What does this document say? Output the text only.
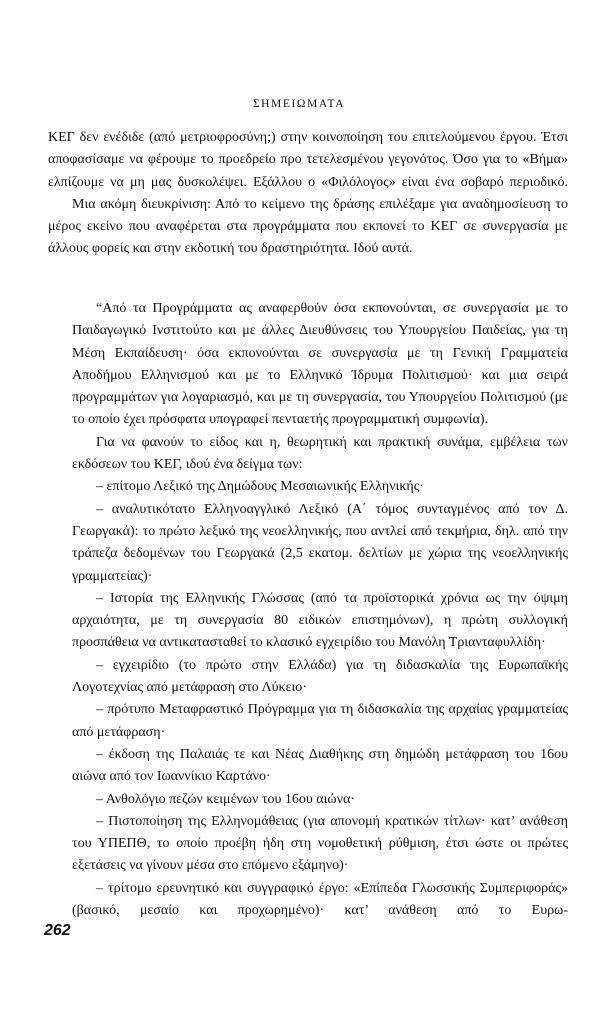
ΣΗΜΕΙΩΜΑΤΑ

ΚΕΓ δεν ενέδιδε (από μετριοφροσύνη;) στην κοινοποίηση του επιτελούμενου έργου. Έτσι αποφασίσαμε να φέρουμε το προεδρείο προ τετελεσμένου γεγονότος. Όσο για το «Βήμα» ελπίζουμε να μη μας δυσκολέψει. Εξάλλου ο «Φιλόλογος» είναι ένα σοβαρό περιοδικό.

Μια ακόμη διευκρίνιση: Από το κείμενο της δράσης επιλέξαμε για αναδημοσίευση το μέρος εκείνο που αναφέρεται στα προγράμματα που εκπονεί το ΚΕΓ σε συνεργασία με άλλους φορείς και στην εκδοτική του δραστηριότητα. Ιδού αυτά.

“Από τα Προγράμματα ας αναφερθούν όσα εκπονούνται, σε συνεργασία με το Παιδαγωγικό Ινστιτούτο και με άλλες Διευθύνσεις του Υπουργείου Παιδείας, για τη Μέση Εκπαίδευση· όσα εκπονούνται σε συνεργασία με τη Γενική Γραμματεία Αποδήμου Ελληνισμού και με το Ελληνικό Ίδρυμα Πολιτισμού· και μια σειρά προγραμμάτων για λογαριασμό, και με τη συνεργασία, του Υπουργείου Πολιτισμού (με το οποίο έχει πρόσφατα υπογραφεί πενταετής προγραμματική συμφωνία).

Για να φανούν το είδος και η, θεωρητική και πρακτική συνάμα, εμβέλεια των εκδόσεων του ΚΕΓ, ιδού ένα δείγμα των:

– επίτομο Λεξικό της Δημώδους Μεσαιωνικής Ελληνικής·

– αναλυτικότατο Ελληνοαγγλικό Λεξικό (Α΄ τόμος συνταγμένος από τον Δ. Γεωργακά): το πρώτο λεξικό της νεοελληνικής, που αντλεί από τεκμήρια, δηλ. από την τράπεζα δεδομένων του Γεωργακά (2,5 εκατομ. δελτίων με χώρια της νεοελληνικής γραμματείας)·

– Ιστορία της Ελληνικής Γλώσσας (από τα προϊστορικά χρόνια ως την όψιμη αρχαιότητα, με τη συνεργασία 80 ειδικών επιστημόνων), η πρώτη συλλογική προσπάθεια να αντικατασταθεί το κλασικό εγχειρίδιο του Μανόλη Τριανταφυλλίδη·

– εγχειρίδιο (το πρώτο στην Ελλάδα) για τη διδασκαλία της Ευρωπαϊκής Λογοτεχνίας από μετάφραση στο Λύκειο·

– πρότυπο Μεταφραστικό Πρόγραμμα για τη διδασκαλία της αρχαίας γραμματείας από μετάφραση·

– έκδοση της Παλαιάς τε και Νέας Διαθήκης στη δημώδη μετάφραση του 16ου αιώνα από τον Ιωαννίκιο Καρτάνο·

– Ανθολόγιο πεζών κειμένων του 16ου αιώνα·

– Πιστοποίηση της Ελληνομάθειας (για απονομή κρατικών τίτλων· κατ’ ανάθεση του ΥΠΕΠΘ, το οποίο προέβη ήδη στη νομοθετική ρύθμιση, έτσι ώστε οι πρώτες εξετάσεις να γίνουν μέσα στο επόμενο εξάμηνο)·

– τρίτομο ερευνητικό και συγγραφικό έργο: «Επίπεδα Γλωσσικής Συμπεριφοράς» (βασικό, μεσαίο και προχωρημένο)· κατ’ ανάθεση από το Ευρω-

262
